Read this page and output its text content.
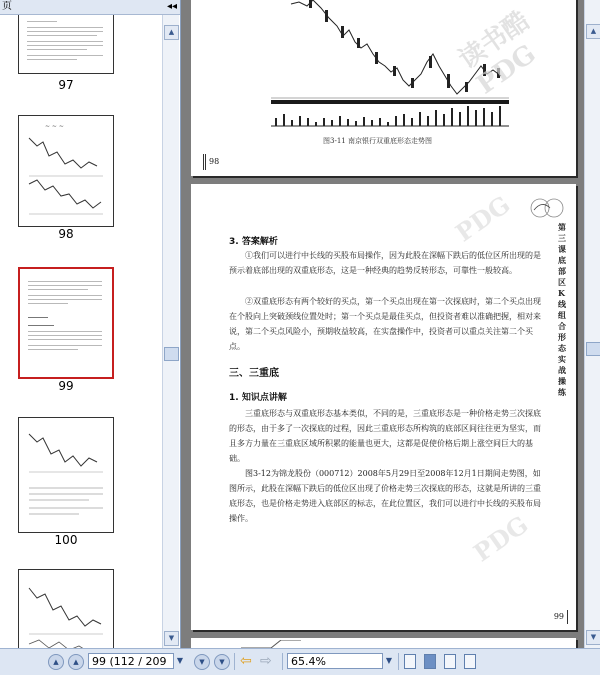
页	◂◂
97
~ ~ ~
98
99
100
▲
▼
图3-11 南京银行双重底形态走势图
98
读书酷PDG
第三课 底部区K线组合形态实战操练
3. 答案解析
①我们可以进行中长线的买股布局操作，因为此股在深幅下跌后的低位区所出现的是预示着底部出现的双重底形态，这是一种经典的趋势反转形态，可靠性一般较高。
②双重底形态有两个较好的买点，第一个买点出现在第一次探底时，第二个买点出现在个股向上突破颈线位置处时；第一个买点是最佳买点，但投资者难以准确把握，相对来说，第二个买点风险小，预期收益较高，在实盘操作中，投资者可以重点关注第二个买点。
三、三重底
1. 知识点讲解
三重底形态与双重底形态基本类似，不同的是，三重底形态是一种价格走势三次探底的形态，由于多了一次探底的过程，因此三重底形态所构筑的底部区间往往更为坚实，而且多方力量在三重底区域所积累的能量也更大，这都是促使价格后期上涨空间巨大的基础。
图3-12为锦龙股份（000712）2008年5月29日至2008年12月1日期间走势图，如图所示，此股在深幅下跌后的低位区出现了价格走势三次探底的形态，这就是所讲的三重底形态，也是价格走势进入底部区的标志，在此位置区，我们可以进行中长线的买股布局操作。
99
PDG
PDG
▲
▼
▲	▲	99 (112 / 209	▼	▼	▼	⇦ ⇨	65.4%	▼
